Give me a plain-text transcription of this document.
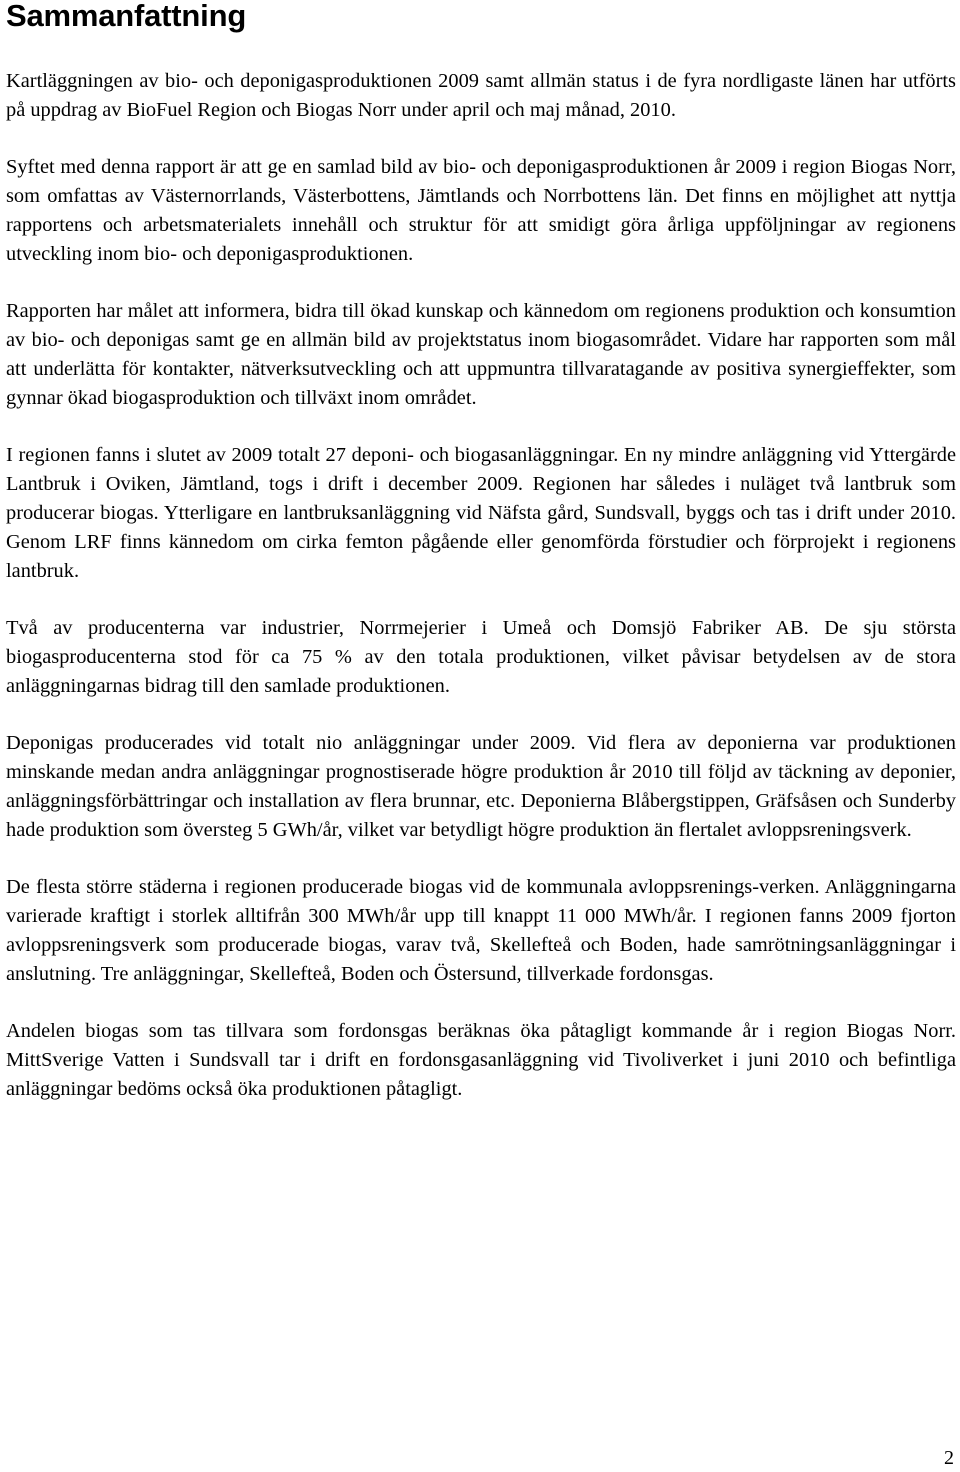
Sammanfattning

Kartläggningen av bio- och deponigasproduktionen 2009 samt allmän status i de fyra nordligaste länen har utförts på uppdrag av BioFuel Region och Biogas Norr under april och maj månad, 2010.

Syftet med denna rapport är att ge en samlad bild av bio- och deponigasproduktionen år 2009 i region Biogas Norr, som omfattas av Västernorrlands, Västerbottens, Jämtlands och Norrbottens län. Det finns en möjlighet att nyttja rapportens och arbetsmaterialets innehåll och struktur för att smidigt göra årliga uppföljningar av regionens utveckling inom bio- och deponigasproduktionen.

Rapporten har målet att informera, bidra till ökad kunskap och kännedom om regionens produktion och konsumtion av bio- och deponigas samt ge en allmän bild av projektstatus inom biogasområdet. Vidare har rapporten som mål att underlätta för kontakter, nätverksutveckling och att uppmuntra tillvaratagande av positiva synergieffekter, som gynnar ökad biogasproduktion och tillväxt inom området.

I regionen fanns i slutet av 2009 totalt 27 deponi- och biogasanläggningar. En ny mindre anläggning vid Yttergärde Lantbruk i Oviken, Jämtland, togs i drift i december 2009. Regionen har således i nuläget två lantbruk som producerar biogas. Ytterligare en lantbruksanläggning vid Näfsta gård, Sundsvall, byggs och tas i drift under 2010. Genom LRF finns kännedom om cirka femton pågående eller genomförda förstudier och förprojekt i regionens lantbruk.

Två av producenterna var industrier, Norrmejerier i Umeå och Domsjö Fabriker AB. De sju största biogasproducenterna stod för ca 75 % av den totala produktionen, vilket påvisar betydelsen av de stora anläggningarnas bidrag till den samlade produktionen.

Deponigas producerades vid totalt nio anläggningar under 2009. Vid flera av deponierna var produktionen minskande medan andra anläggningar prognostiserade högre produktion år 2010 till följd av täckning av deponier, anläggningsförbättringar och installation av flera brunnar, etc. Deponierna Blåbergstippen, Gräfsåsen och Sunderby hade produktion som översteg 5 GWh/år, vilket var betydligt högre produktion än flertalet avloppsreningsverk.

De flesta större städerna i regionen producerade biogas vid de kommunala avloppsrenings-verken. Anläggningarna varierade kraftigt i storlek alltifrån 300 MWh/år upp till knappt 11 000 MWh/år. I regionen fanns 2009 fjorton avloppsreningsverk som producerade biogas, varav två, Skellefteå och Boden, hade samrötningsanläggningar i anslutning. Tre anläggningar, Skellefteå, Boden och Östersund, tillverkade fordonsgas.

Andelen biogas som tas tillvara som fordonsgas beräknas öka påtagligt kommande år i region Biogas Norr. MittSverige Vatten i Sundsvall tar i drift en fordonsgasanläggning vid Tivoliverket i juni 2010 och befintliga anläggningar bedöms också öka produktionen påtagligt.

2
